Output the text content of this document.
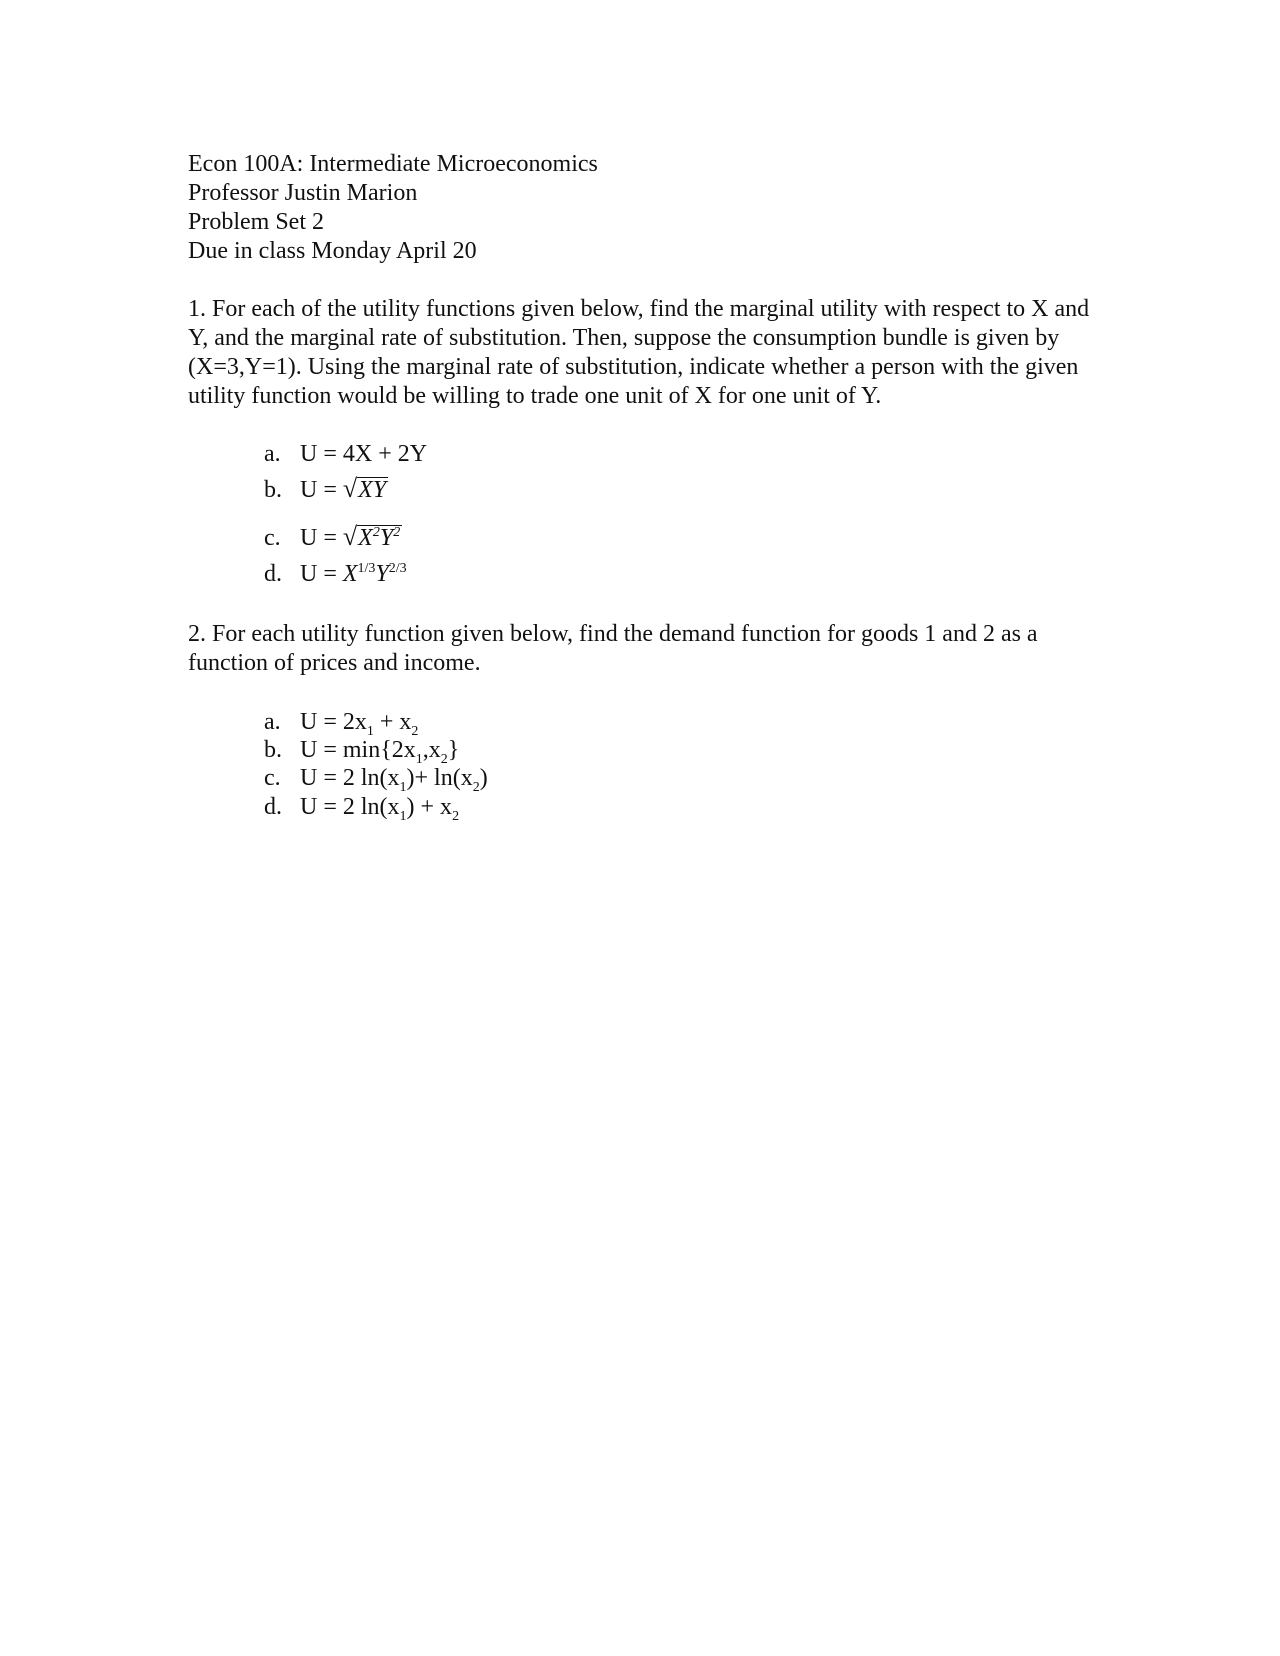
Econ 100A: Intermediate Microeconomics
Professor Justin Marion
Problem Set 2
Due in class Monday April 20
1. For each of the utility functions given below, find the marginal utility with respect to X and Y, and the marginal rate of substitution. Then, suppose the consumption bundle is given by (X=3,Y=1). Using the marginal rate of substitution, indicate whether a person with the given utility function would be willing to trade one unit of X for one unit of Y.
a. U = 4X + 2Y
b. U = √XY
c. $U = √X^2Y^2$
d. $U = X^{1/3}Y^{2/3}$
2. For each utility function given below, find the demand function for goods 1 and 2 as a function of prices and income.
a. $U = 2x_1 + x_2$
b. $U = \min\{2x_1,x_2\}$
c. U = 2 $\ln(x_1)+ \ln(x_2)$
d. U = 2 $\ln(x_1) + x_2$
